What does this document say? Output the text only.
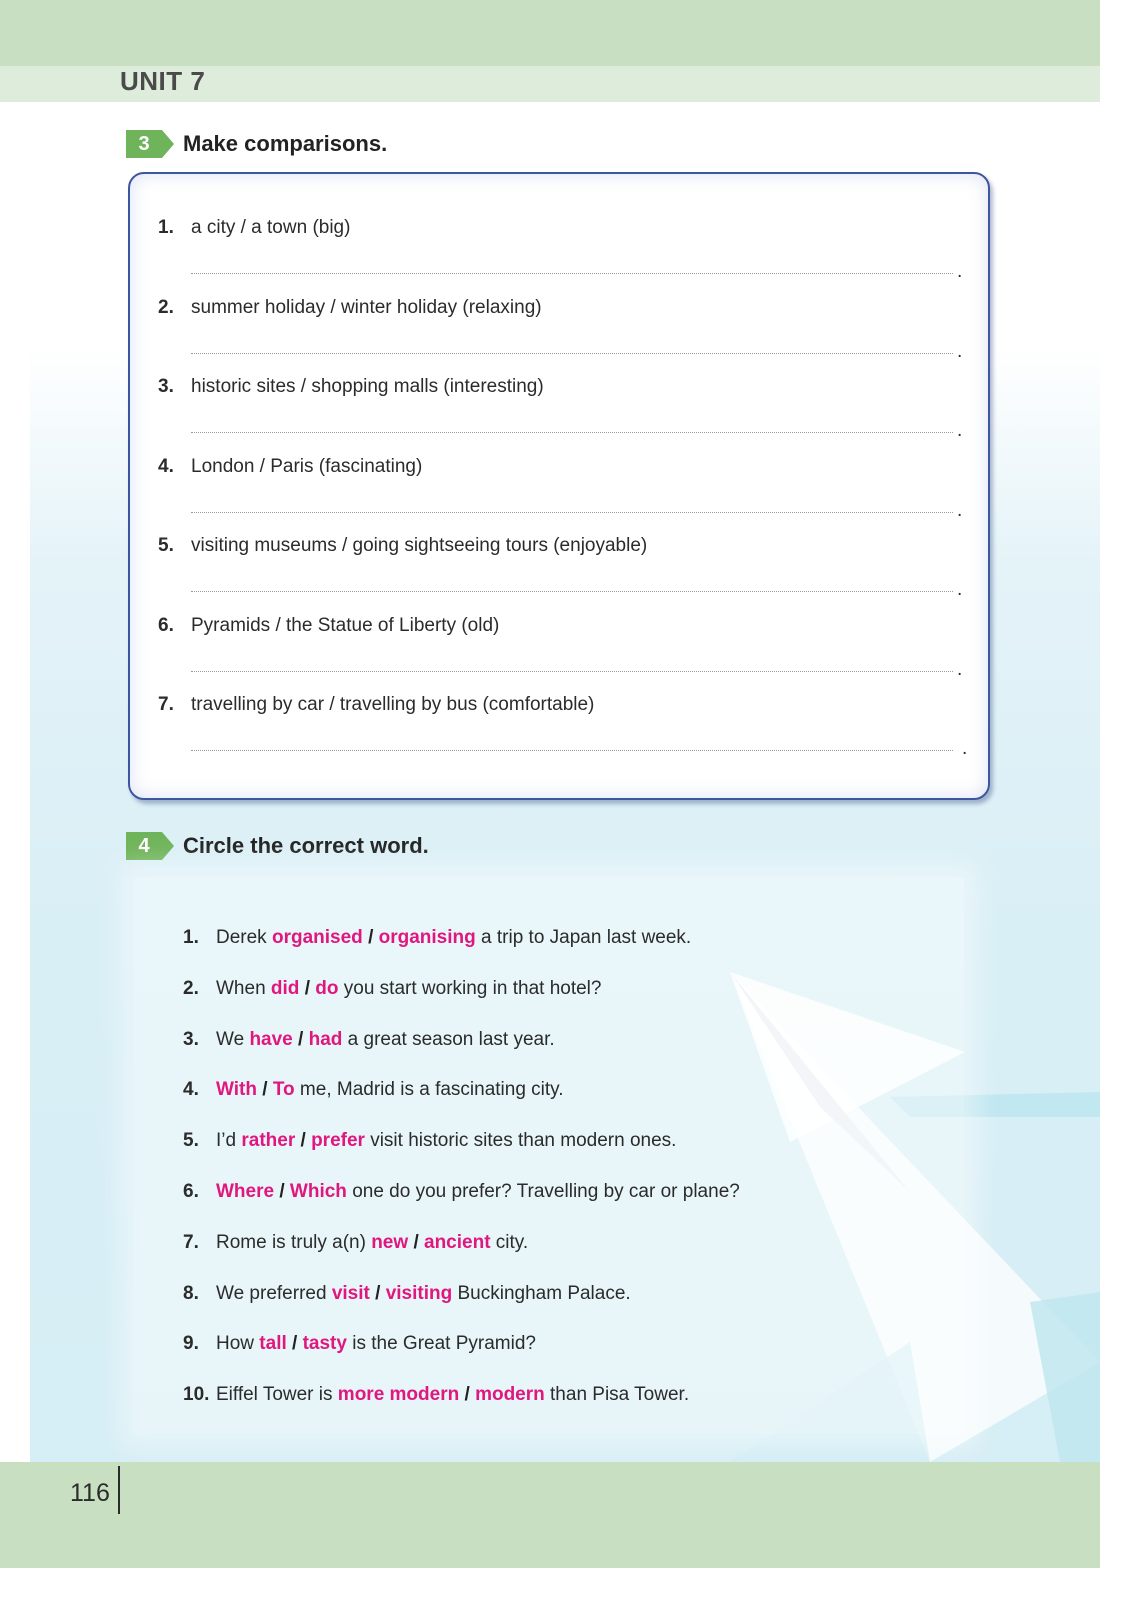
UNIT 7
3	Make comparisons.
1. a city / a town (big)
.
2. summer holiday / winter holiday (relaxing)
.
3. historic sites / shopping malls (interesting)
.
4. London / Paris (fascinating)
.
5. visiting museums / going sightseeing tours (enjoyable)
.
6. Pyramids / the Statue of Liberty (old)
.
7. travelling by car / travelling by bus (comfortable)
.
4	Circle the correct word.
1. Derek organised / organising a trip to Japan last week.
2. When did / do you start working in that hotel?
3. We have / had a great season last year.
4. With / To me, Madrid is a fascinating city.
5. I’d rather / prefer visit historic sites than modern ones.
6. Where / Which one do you prefer? Travelling by car or plane?
7. Rome is truly a(n) new / ancient city.
8. We preferred visit / visiting Buckingham Palace.
9. How tall / tasty is the Great Pyramid?
10. Eiffel Tower is more modern / modern than Pisa Tower.
116
